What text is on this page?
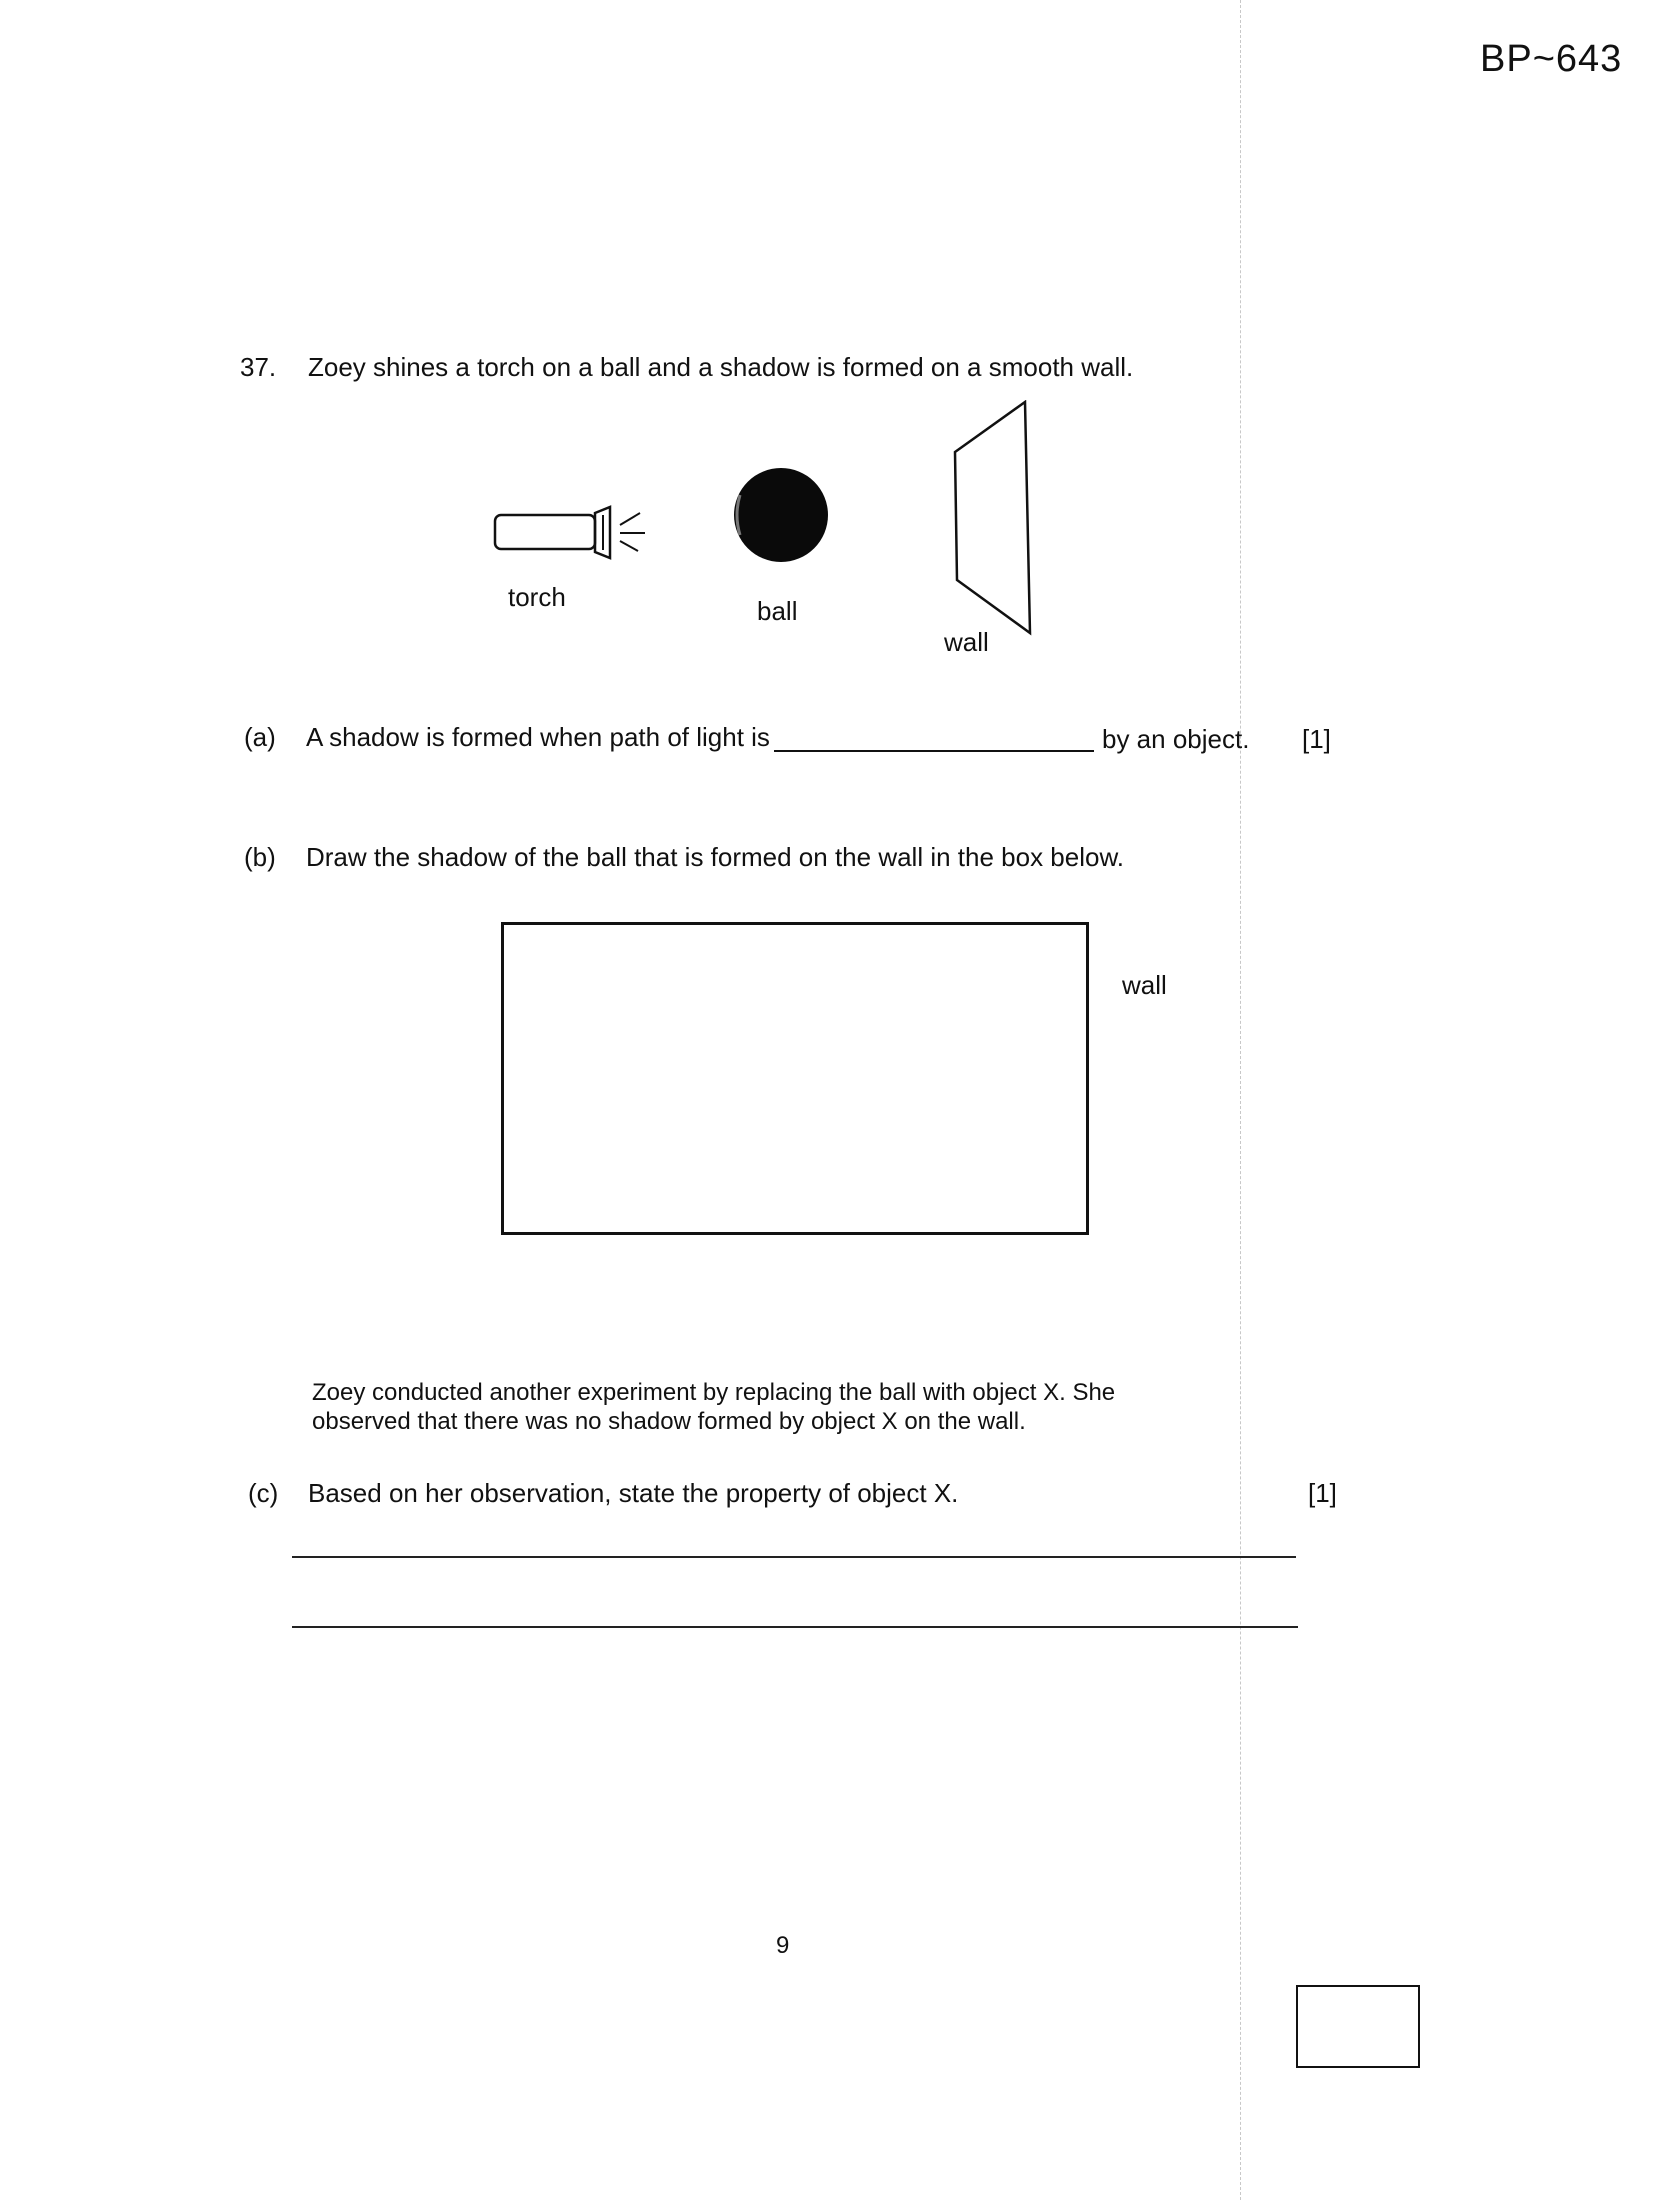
BP~643
37. Zoey shines a torch on a ball and a shadow is formed on a smooth wall.
torch	ball
wall
(a) A shadow is formed when path of light is	by an object. [1]
(b) Draw the shadow of the ball that is formed on the wall in the box below.
wall
Zoey conducted another experiment by replacing the ball with object X. She observed that there was no shadow formed by object X on the wall.
(c) Based on her observation, state the property of object X.	[1]
9
